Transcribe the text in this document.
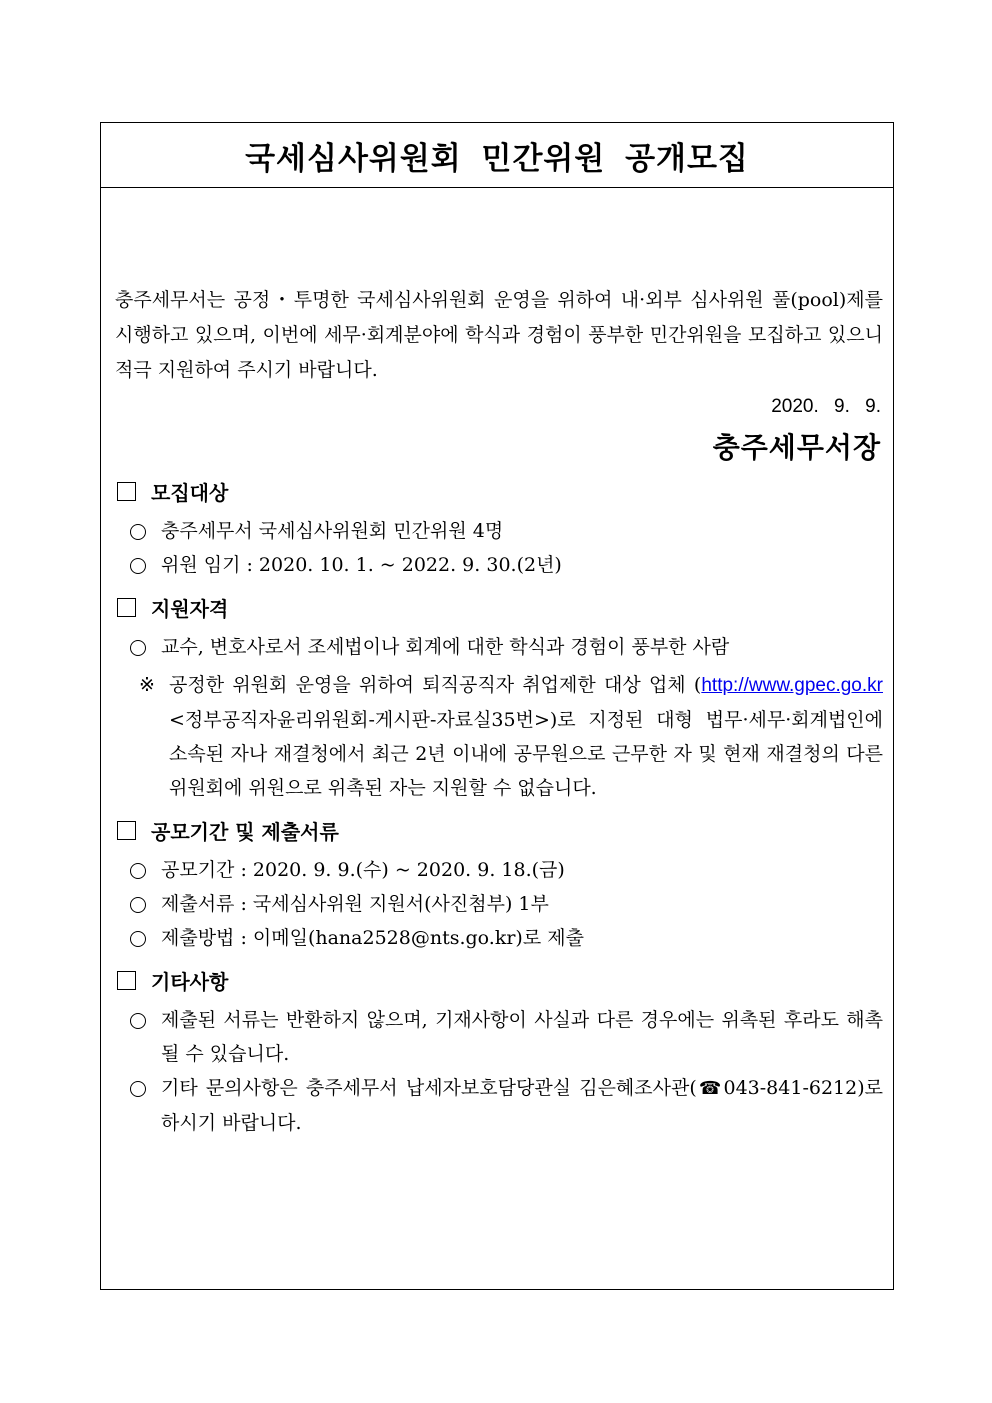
국세심사위원회 민간위원 공개모집

충주세무서는 공정・투명한 국세심사위원회 운영을 위하여 내·외부 심사위원 풀(pool)제를 시행하고 있으며, 이번에 세무·회계분야에 학식과 경험이 풍부한 민간위원을 모집하고 있으니 적극 지원하여 주시기 바랍니다.

2020. 9. 9.
충주세무서장
모집대상
충주세무서 국세심사위원회 민간위원 4명
위원 임기 : 2020. 10. 1. ~ 2022. 9. 30.(2년)
지원자격
교수, 변호사로서 조세법이나 회계에 대한 학식과 경험이 풍부한 사람
※ 공정한 위원회 운영을 위하여 퇴직공직자 취업제한 대상 업체 (http://www.gpec.go.kr <정부공직자윤리위원회-게시판-자료실35번>)로 지정된 대형 법무·세무·회계법인에 소속된 자나 재결청에서 최근 2년 이내에 공무원으로 근무한 자 및 현재 재결청의 다른 위원회에 위원으로 위촉된 자는 지원할 수 없습니다.
공모기간 및 제출서류
공모기간 : 2020. 9. 9.(수) ~ 2020. 9. 18.(금)
제출서류 : 국세심사위원 지원서(사진첨부) 1부
제출방법 : 이메일(hana2528@nts.go.kr)로 제출
기타사항
제출된 서류는 반환하지 않으며, 기재사항이 사실과 다른 경우에는 위촉된 후라도 해촉될 수 있습니다.
기타 문의사항은 충주세무서 납세자보호담당관실 김은혜조사관(☎043-841-6212)로 하시기 바랍니다.
